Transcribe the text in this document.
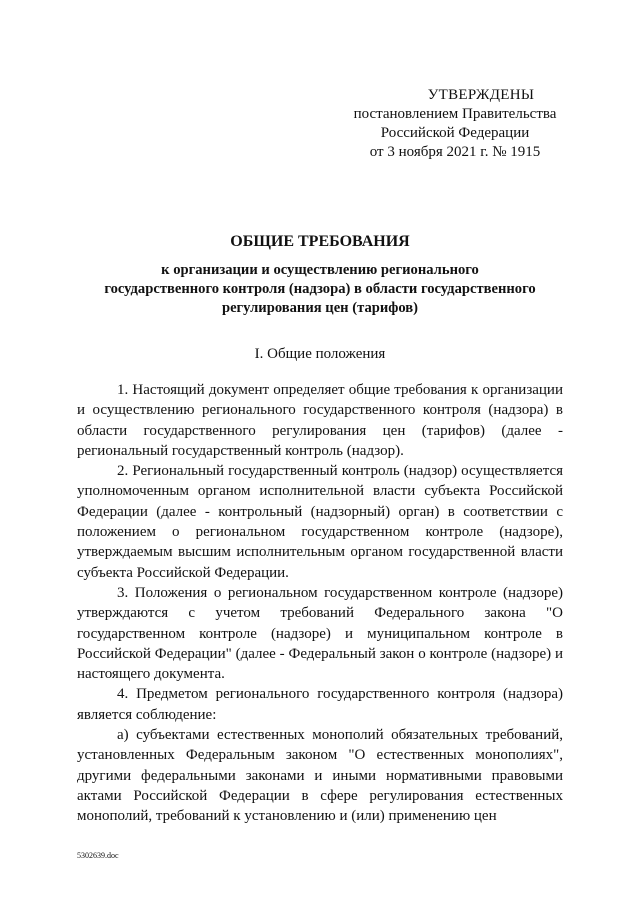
УТВЕРЖДЕНЫ
постановлением Правительства
Российской Федерации
от 3 ноября 2021 г. № 1915
ОБЩИЕ ТРЕБОВАНИЯ
к организации и осуществлению регионального
государственного контроля (надзора) в области государственного
регулирования цен (тарифов)
I. Общие положения

1. Настоящий документ определяет общие требования к организации и осуществлению регионального государственного контроля (надзора) в области государственного регулирования цен (тарифов) (далее - региональный государственный контроль (надзор).

2. Региональный государственный контроль (надзор) осуществляется уполномоченным органом исполнительной власти субъекта Российской Федерации (далее - контрольный (надзорный) орган) в соответствии с положением о региональном государственном контроле (надзоре), утверждаемым высшим исполнительным органом государственной власти субъекта Российской Федерации.

3. Положения о региональном государственном контроле (надзоре) утверждаются с учетом требований Федерального закона "О государственном контроле (надзоре) и муниципальном контроле в Российской Федерации" (далее - Федеральный закон о контроле (надзоре) и настоящего документа.

4. Предметом регионального государственного контроля (надзора) является соблюдение:

а) субъектами естественных монополий обязательных требований, установленных Федеральным законом "О естественных монополиях", другими федеральными законами и иными нормативными правовыми актами Российской Федерации в сфере регулирования естественных монополий, требований к установлению и (или) применению цен

5302639.doc
